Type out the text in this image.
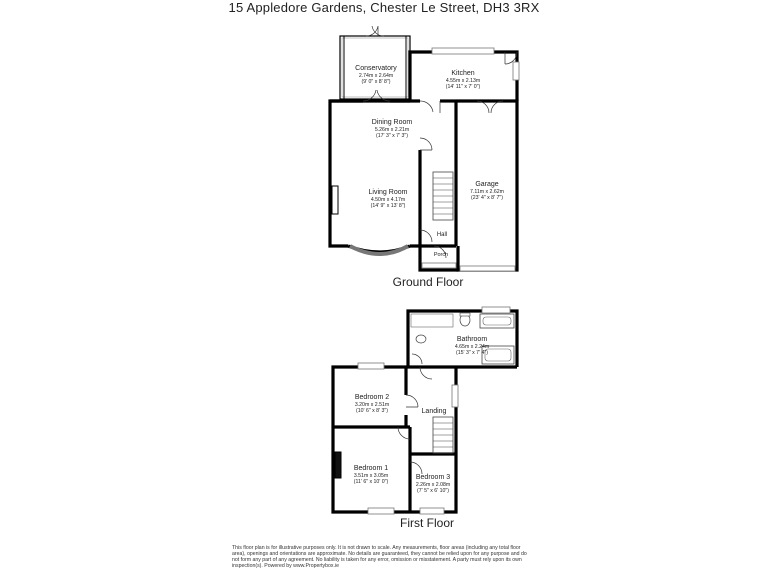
15 Appledore Gardens, Chester Le Street, DH3 3RX
Conservatory
2.74m x 2.64m
(9' 0" x 8' 8")
Kitchen
4.55m x 2.13m
(14' 11" x 7' 0")
Dining Room
5.26m x 2.21m
(17' 3" x 7' 3")
Garage
7.11m x 2.62m
(23' 4" x 8' 7")
Living Room
4.50m x 4.17m
(14' 9" x 13' 8")
Hall
Porch
Bathroom
4.65m x 2.24m
(15' 3" x 7' 4")
Bedroom 2
3.20m x 2.51m
(10' 6" x 8' 3")	Landing
Bedroom 1
3.51m x 3.05m
(11' 6" x 10' 0")
Bedroom 3
2.26m x 2.08m
(7' 5" x 6' 10")
Ground Floor
First Floor
This floor plan is for illustrative purposes only. It is not drawn to scale. Any measurements, floor areas (including any total floor area), openings and orientations are approximate. No details are guaranteed, they cannot be relied upon for any purpose and do not form any part of any agreement. No liability is taken for any error, omission or misstatement. A party must rely upon its own inspection(s). Powered by www.Propertybox.ie
